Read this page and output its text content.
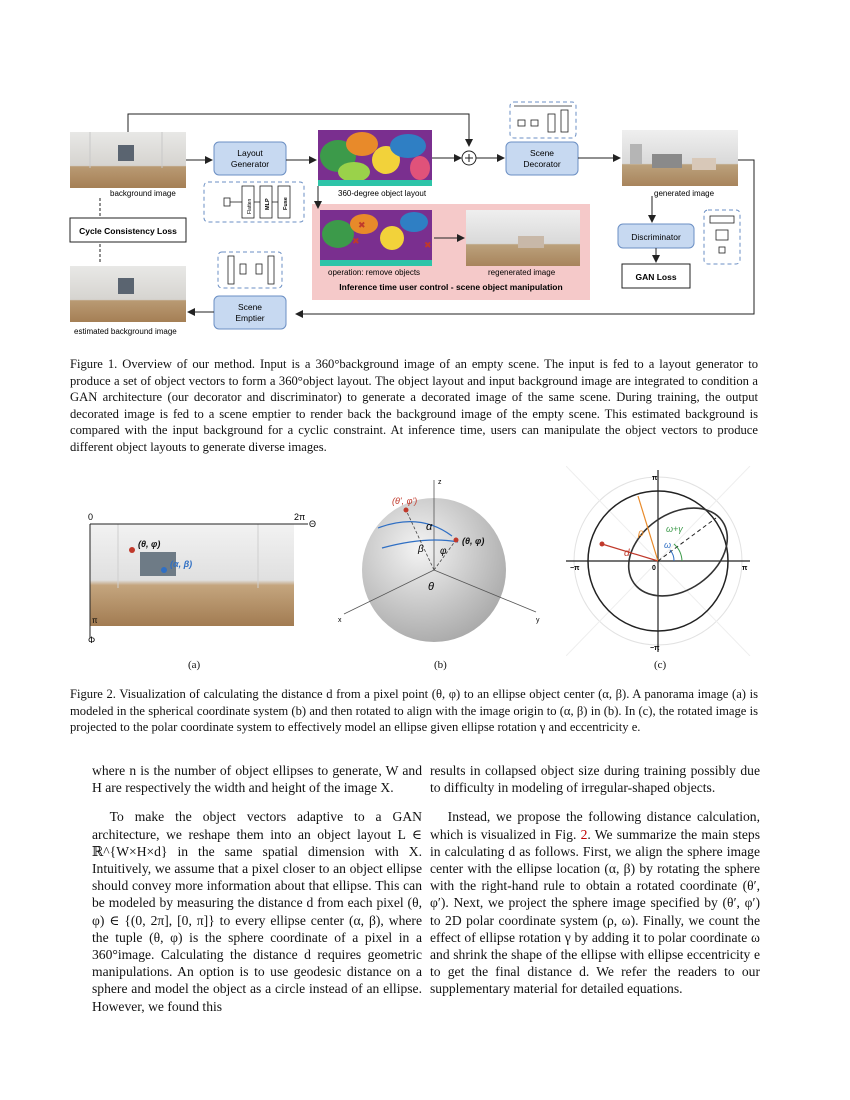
background image
Layout
Generator
Flatten MLP Fuse
360-degree object layout
Scene
Decorator
generated image
Discriminator
GAN Loss
Cycle Consistency Loss
✖
✖	✖
operation: remove objects	regenerated image
Inference time user control - scene object manipulation
Scene
Emptier
estimated background image
Figure 1. Overview of our method. Input is a 360°background image of an empty scene. The input is fed to a layout generator to produce a set of object vectors to form a 360°object layout. The object layout and input background image are integrated to condition a GAN architecture (our decorator and discriminator) to generate a decorated image of the same scene. During training, the output decorated image is fed to a scene emptier to render back the background image of the empty scene. This estimated background is compared with the input background for a cyclic constraint. At inference time, users can manipulate the object vectors to produce different object layouts to generate diverse images.
0	2π
Θ
π
Φ
(θ, φ)
(α, β)
z
x	y
(θ', φ')
(θ, φ)
α
β φ
θ
π
−π
−π	π
0
ρ
d
ω
ω+γ
(a)	(b)	(c)
Figure 2. Visualization of calculating the distance d from a pixel point (θ, φ) to an ellipse object center (α, β). A panorama image (a) is modeled in the spherical coordinate system (b) and then rotated to align with the image origin to (α, β) in (b). In (c), the rotated image is projected to the polar coordinate system to effectively model an ellipse given ellipse rotation γ and eccentricity e.

where n is the number of object ellipses to generate, W and H are respectively the width and height of the image X.

To make the object vectors adaptive to a GAN architecture, we reshape them into an object layout L ∈ ℝ^{W×H×d} in the same spatial dimension with X. Intuitively, we assume that a pixel closer to an object ellipse should convey more information about that ellipse. This can be modeled by measuring the distance d from each pixel (θ, φ) ∈ {(0, 2π], [0, π]} to every ellipse center (α, β), where the tuple (θ, φ) is the sphere coordinate of a pixel in a 360°image. Calculating the distance d requires geometric manipulations. An option is to use geodesic distance on a sphere and model the object as a circle instead of an ellipse. However, we found this

results in collapsed object size during training possibly due to difficulty in modeling of irregular-shaped objects.

Instead, we propose the following distance calculation, which is visualized in Fig. 2. We summarize the main steps in calculating d as follows. First, we align the sphere image center with the ellipse location (α, β) by rotating the sphere with the right-hand rule to obtain a rotated coordinate (θ′, φ′). Next, we project the sphere image specified by (θ′, φ′) to 2D polar coordinate system (ρ, ω). Finally, we count the effect of ellipse rotation γ by adding it to polar coordinate ω and shrink the shape of the ellipse with ellipse eccentricity e to get the final distance d. We refer the readers to our supplementary material for detailed equations.
